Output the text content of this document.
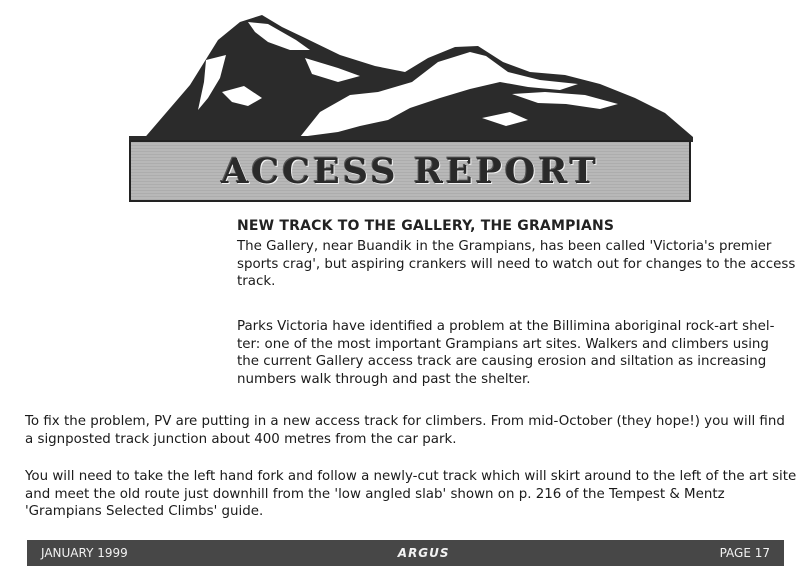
ACCESS REPORT
NEW TRACK TO THE GALLERY, THE GRAMPIANS

The Gallery, near Buandik in the Grampians, has been called 'Victoria's premier
sports crag', but aspiring crankers will need to watch out for changes to the access
track.

Parks Victoria have identified a problem at the Billimina aboriginal rock-art shel-
ter: one of the most important Grampians art sites. Walkers and climbers using
the current Gallery access track are causing erosion and siltation as increasing
numbers walk through and past the shelter.

To fix the problem, PV are putting in a new access track for climbers. From mid-October (they hope!) you will find
a signposted track junction about 400 metres from the car park.

You will need to take the left hand fork and follow a newly-cut track which will skirt around to the left of the art site
and meet the old route just downhill from the 'low angled slab' shown on p. 216 of the Tempest & Mentz
'Grampians Selected Climbs' guide.

JANUARY 1999	ARGUS	PAGE 17
